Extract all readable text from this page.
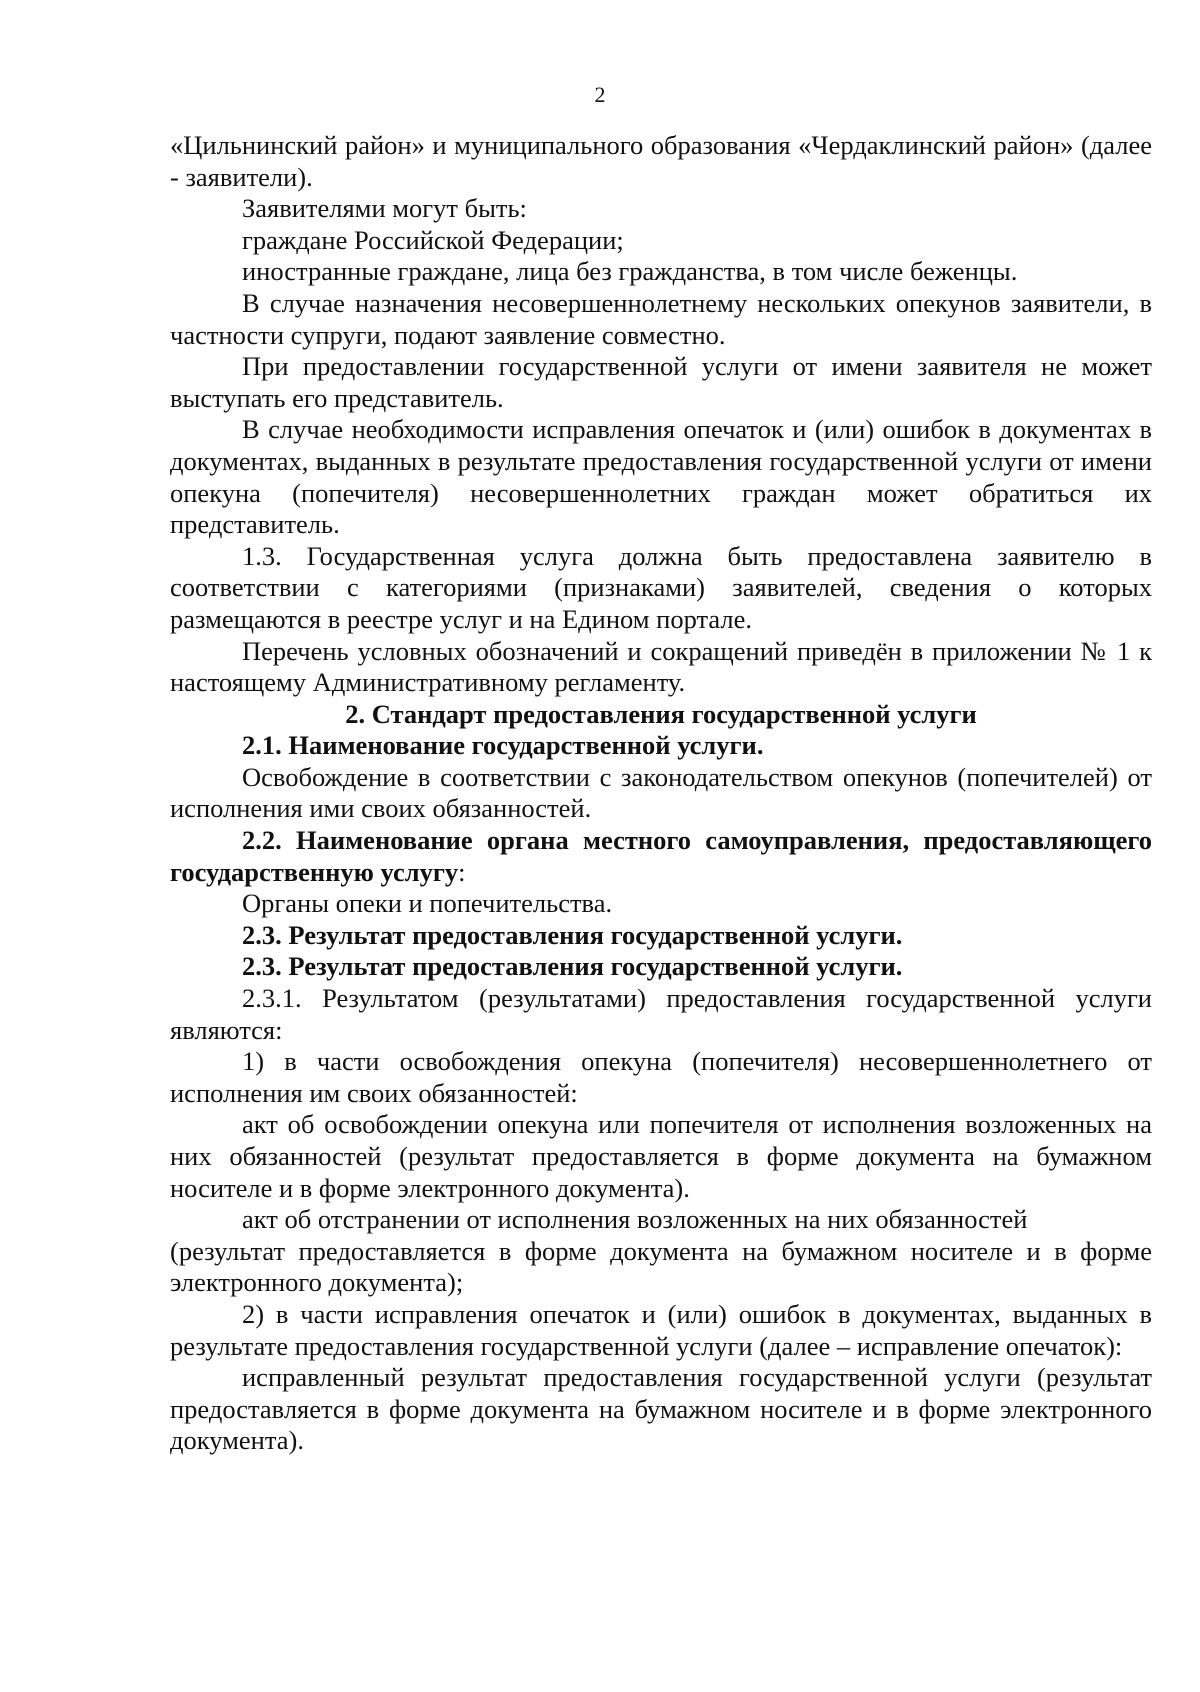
2

«Цильнинский район» и муниципального образования «Чердаклинский район» (далее - заявители).

Заявителями могут быть:

граждане Российской Федерации;

иностранные граждане, лица без гражданства, в том числе беженцы.

В случае назначения несовершеннолетнему нескольких опекунов заявители, в частности супруги, подают заявление совместно.

При предоставлении государственной услуги от имени заявителя не может выступать его представитель.

В случае необходимости исправления опечаток и (или) ошибок в документах в документах, выданных в результате предоставления государственной услуги от имени опекуна (попечителя) несовершеннолетних граждан может обратиться их представитель.

1.3. Государственная услуга должна быть предоставлена заявителю в соответствии с категориями (признаками) заявителей, сведения о которых размещаются в реестре услуг и на Едином портале.

Перечень условных обозначений и сокращений приведён в приложении № 1 к настоящему Административному регламенту.

2. Стандарт предоставления государственной услуги

2.1. Наименование государственной услуги.

Освобождение в соответствии с законодательством опекунов (попечителей) от исполнения ими своих обязанностей.

2.2. Наименование органа местного самоуправления, предоставляющего государственную услугу:

Органы опеки и попечительства.

2.3. Результат предоставления государственной услуги.

2.3. Результат предоставления государственной услуги.

2.3.1. Результатом (результатами) предоставления государственной услуги являются:

1) в части освобождения опекуна (попечителя) несовершеннолетнего от исполнения им своих обязанностей:

акт об освобождении опекуна или попечителя от исполнения возложенных на них обязанностей (результат предоставляется в форме документа на бумажном носителе и в форме электронного документа).

акт об отстранении от исполнения возложенных на них обязанностей

(результат предоставляется в форме документа на бумажном носителе и в форме электронного документа);

2) в части исправления опечаток и (или) ошибок в документах, выданных в результате предоставления государственной услуги (далее – исправление опечаток):

исправленный результат предоставления государственной услуги (результат предоставляется в форме документа на бумажном носителе и в форме электронного документа).
